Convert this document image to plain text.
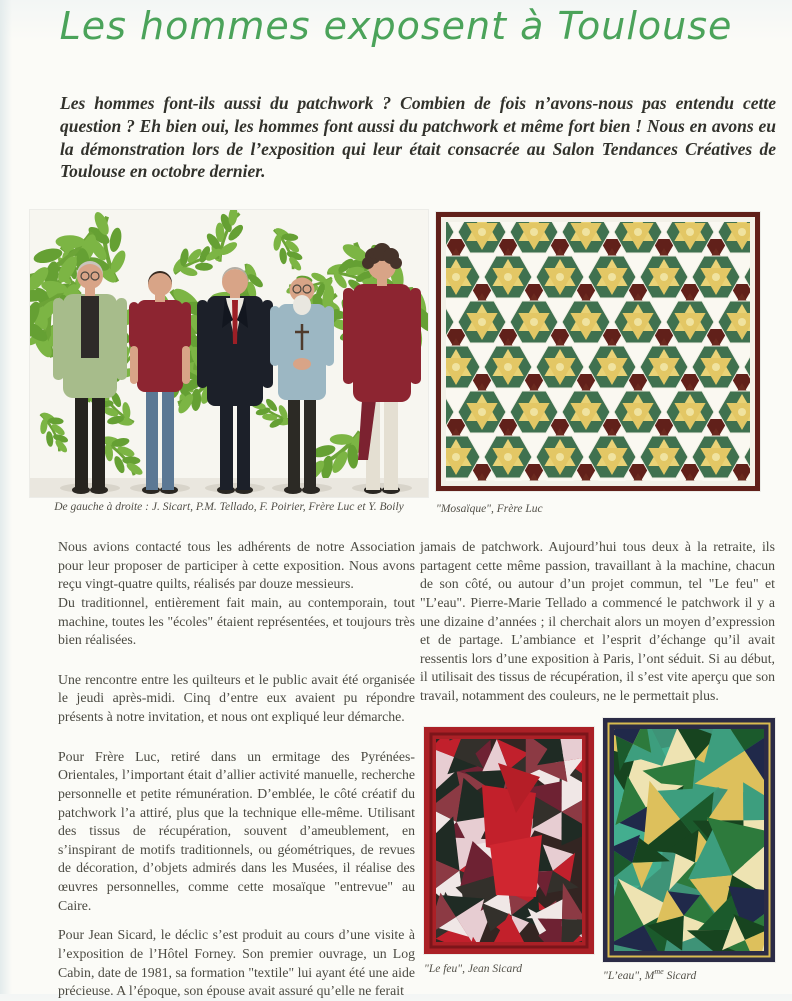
Les hommes exposent à Toulouse

Les hommes font-ils aussi du patchwork ? Combien de fois n’avons-nous pas entendu cette question ? Eh bien oui, les hommes font aussi du patchwork et même fort bien ! Nous en avons eu la démonstration lors de l’exposition qui leur était consacrée au Salon Tendances Créatives de Toulouse en octobre dernier.

De gauche à droite : J. Sicart, P.M. Tellado, F. Poirier, Frère Luc et Y. Boily	"Mosaïque", Frère Luc

Nous avions contacté tous les adhérents de notre Association pour leur proposer de participer à cette exposition. Nous avons reçu vingt-quatre quilts, réalisés par douze messieurs.

Du traditionnel, entièrement fait main, au contemporain, tout machine, toutes les "écoles" étaient représentées, et toujours très bien réalisées.

Une rencontre entre les quilteurs et le public avait été organisée le jeudi après-midi. Cinq d’entre eux avaient pu répondre présents à notre invitation, et nous ont expliqué leur démarche.

Pour Frère Luc, retiré dans un ermitage des Pyrénées-Orientales, l’important était d’allier activité manuelle, recherche personnelle et petite rémunération. D’emblée, le côté créatif du patchwork l’a attiré, plus que la technique elle-même. Utilisant des tissus de récupération, souvent d’ameublement, en s’inspirant de motifs traditionnels, ou géométriques, de revues de décoration, d’objets admirés dans les Musées, il réalise des œuvres personnelles, comme cette mosaïque "entrevue" au Caire.

Pour Jean Sicard, le déclic s’est produit au cours d’une visite à l’exposition de l’Hôtel Forney. Son premier ouvrage, un Log Cabin, date de 1981, sa formation "textile" lui ayant été une aide précieuse. A l’époque, son épouse avait assuré qu’elle ne ferait

jamais de patchwork. Aujourd’hui tous deux à la retraite, ils partagent cette même passion, travaillant à la machine, chacun de son côté, ou autour d’un projet commun, tel "Le feu" et "L’eau". Pierre-Marie Tellado a commencé le patchwork il y a une dizaine d’années ; il cherchait alors un moyen d’expression et de partage. L’ambiance et l’esprit d’échange qu’il avait ressentis lors d’une exposition à Paris, l’ont séduit. Si au début, il utilisait des tissus de récupération, il s’est vite aperçu que son travail, notamment des couleurs, ne le permettait plus.

"Le feu", Jean Sicard
"L’eau", $M^{me}$ Sicard
